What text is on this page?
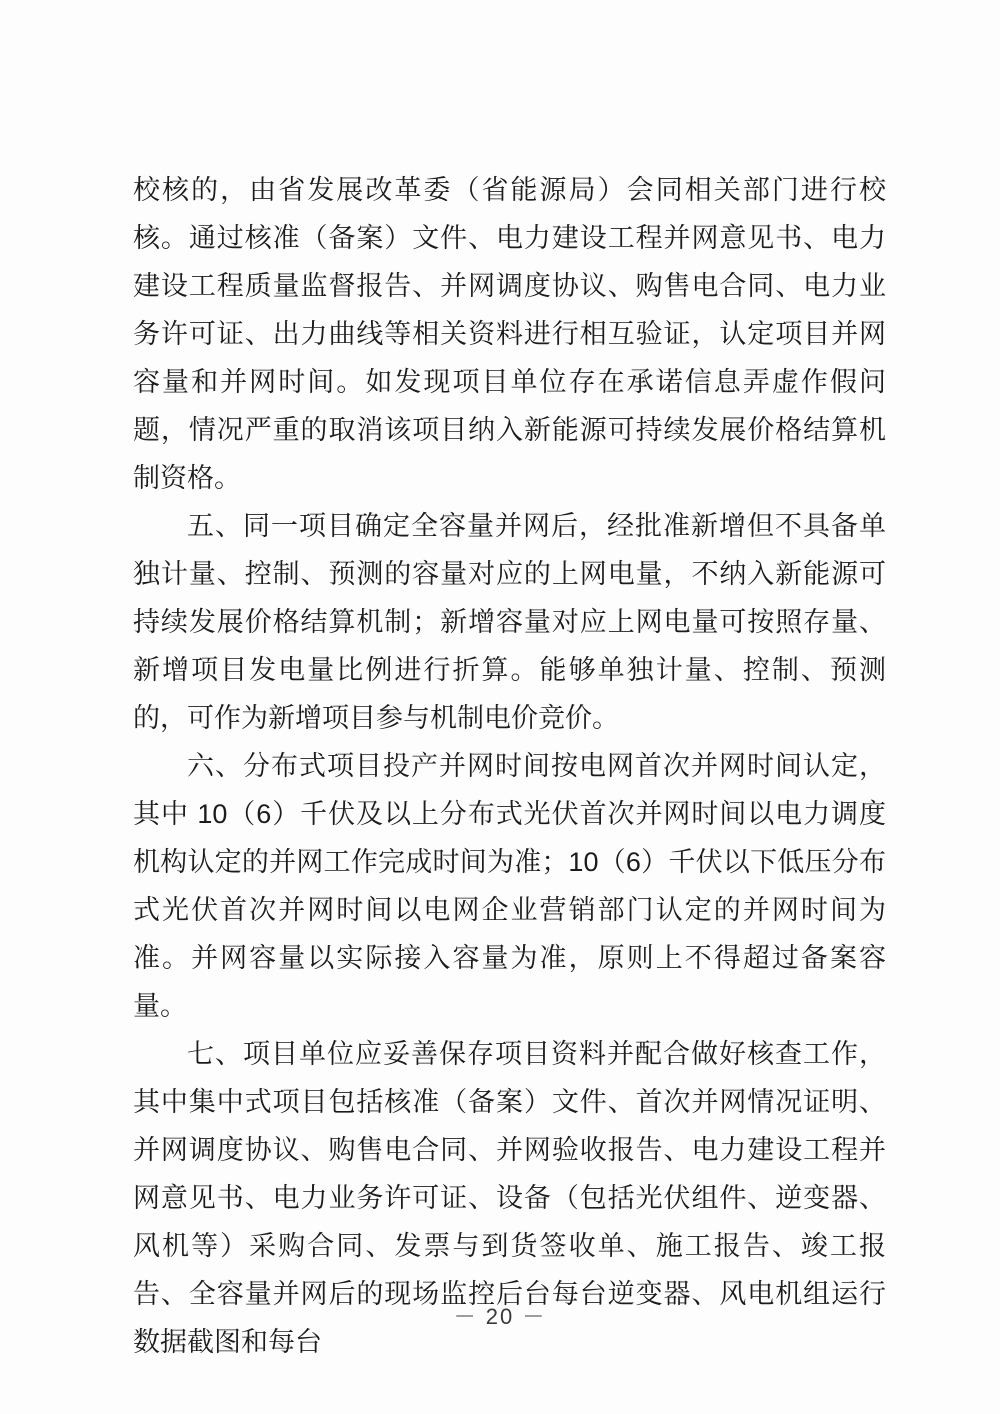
校核的，由省发展改革委（省能源局）会同相关部门进行校核。通过核准（备案）文件、电力建设工程并网意见书、电力建设工程质量监督报告、并网调度协议、购售电合同、电力业务许可证、出力曲线等相关资料进行相互验证，认定项目并网容量和并网时间。如发现项目单位存在承诺信息弄虚作假问题，情况严重的取消该项目纳入新能源可持续发展价格结算机制资格。

五、同一项目确定全容量并网后，经批准新增但不具备单独计量、控制、预测的容量对应的上网电量，不纳入新能源可持续发展价格结算机制；新增容量对应上网电量可按照存量、新增项目发电量比例进行折算。能够单独计量、控制、预测的，可作为新增项目参与机制电价竞价。

六、分布式项目投产并网时间按电网首次并网时间认定，其中 10（6）千伏及以上分布式光伏首次并网时间以电力调度机构认定的并网工作完成时间为准；10（6）千伏以下低压分布式光伏首次并网时间以电网企业营销部门认定的并网时间为准。并网容量以实际接入容量为准，原则上不得超过备案容量。

七、项目单位应妥善保存项目资料并配合做好核查工作，其中集中式项目包括核准（备案）文件、首次并网情况证明、并网调度协议、购售电合同、并网验收报告、电力建设工程并网意见书、电力业务许可证、设备（包括光伏组件、逆变器、风机等）采购合同、发票与到货签收单、施工报告、竣工报告、全容量并网后的现场监控后台每台逆变器、风电机组运行数据截图和每台

－ 20 －
